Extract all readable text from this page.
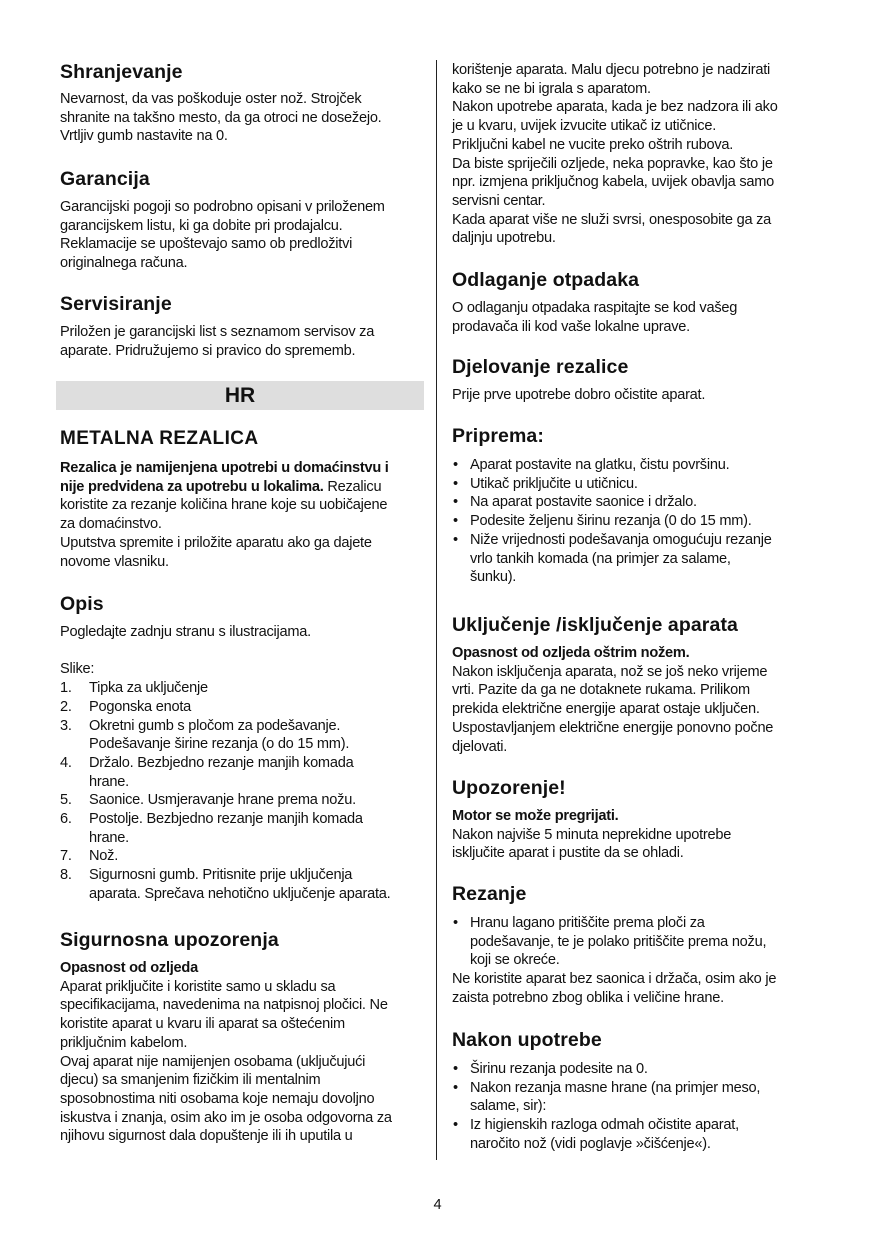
Shranjevanje

Nevarnost, da vas poškoduje oster nož. Strojček

shranite na takšno mesto, da ga otroci ne dosežejo.

Vrtljiv gumb nastavite na 0.

Garancija

Garancijski pogoji so podrobno opisani v priloženem

garancijskem listu, ki ga dobite pri prodajalcu.

Reklamacije se upoštevajo samo ob predložitvi

originalnega računa.

Servisiranje

Priložen je garancijski list s seznamom servisov za

aparate. Pridružujemo si pravico do sprememb.

METALNA REZALICA

Rezalica je namijenjena upotrebi u domaćinstvu i

nije predvidena za upotrebu u lokalima. Rezalicu

koristite za rezanje količina hrane koje su uobičajene

za domaćinstvo.

Uputstva spremite i priložite aparatu ako ga dajete

novome vlasniku.

Opis

Pogledajte zadnju stranu s ilustracijama.

Slike:

1. Tipka za uključenje
2. Pogonska enota
3. Okretni gumb s pločom za podešavanje.
Podešavanje širine rezanja (o do 15 mm).
4. Držalo. Bezbjedno rezanje manjih komada
hrane.
5. Saonice. Usmjeravanje hrane prema nožu.
6. Postolje. Bezbjedno rezanje manjih komada
hrane.
7. Nož.
8. Sigurnosni gumb. Pritisnite prije uključenja
aparata. Sprečava nehotično uključenje aparata.
Sigurnosna upozorenja

Opasnost od ozljeda

Aparat priključite i koristite samo u skladu sa

specifikacijama, navedenima na natpisnoj pločici. Ne

koristite aparat u kvaru ili aparat sa oštećenim

priključnim kabelom.

Ovaj aparat nije namijenjen osobama (uključujući

djecu) sa smanjenim fizičkim ili mentalnim

sposobnostima niti osobama koje nemaju dovoljno

iskustva i znanja, osim ako im je osoba odgovorna za

njihovu sigurnost dala dopuštenje ili ih uputila u

HR

korištenje aparata. Malu djecu potrebno je nadzirati

kako se ne bi igrala s aparatom.

Nakon upotrebe aparata, kada je bez nadzora ili ako

je u kvaru, uvijek izvucite utikač iz utičnice.

Priključni kabel ne vucite preko oštrih rubova.

Da biste spriječili ozljede, neka popravke, kao što je

npr. izmjena priključnog kabela, uvijek obavlja samo

servisni centar.

Kada aparat više ne služi svrsi, onesposobite ga za

daljnju upotrebu.

Odlaganje otpadaka

O odlaganju otpadaka raspitajte se kod vašeg

prodavača ili kod vaše lokalne uprave.

Djelovanje rezalice

Prije prve upotrebe dobro očistite aparat.

Priprema:
• Aparat postavite na glatku, čistu površinu.
• Utikač priključite u utičnicu.
• Na aparat postavite saonice i držalo.
• Podesite željenu širinu rezanja (0 do 15 mm).
• Niže vrijednosti podešavanja omogućuju rezanje
vrlo tankih komada (na primjer za salame,
šunku).
Uključenje /isključenje aparata

Opasnost od ozljeda oštrim nožem.

Nakon isključenja aparata, nož se još neko vrijeme

vrti. Pazite da ga ne dotaknete rukama. Prilikom

prekida električne energije aparat ostaje uključen.

Uspostavljanjem električne energije ponovno počne

djelovati.

Upozorenje!

Motor se može pregrijati.

Nakon najviše 5 minuta neprekidne upotrebe

isključite aparat i pustite da se ohladi.

Rezanje
• Hranu lagano pritiščite prema ploči za
podešavanje, te je polako pritiščite prema nožu,
koji se okreće.

Ne koristite aparat bez saonica i držača, osim ako je

zaista potrebno zbog oblika i veličine hrane.

Nakon upotrebe
• Širinu rezanja podesite na 0.
• Nakon rezanja masne hrane (na primjer meso,
salame, sir):
• Iz higienskih razloga odmah očistite aparat,
naročito nož (vidi poglavje »čišćenje«).
4
